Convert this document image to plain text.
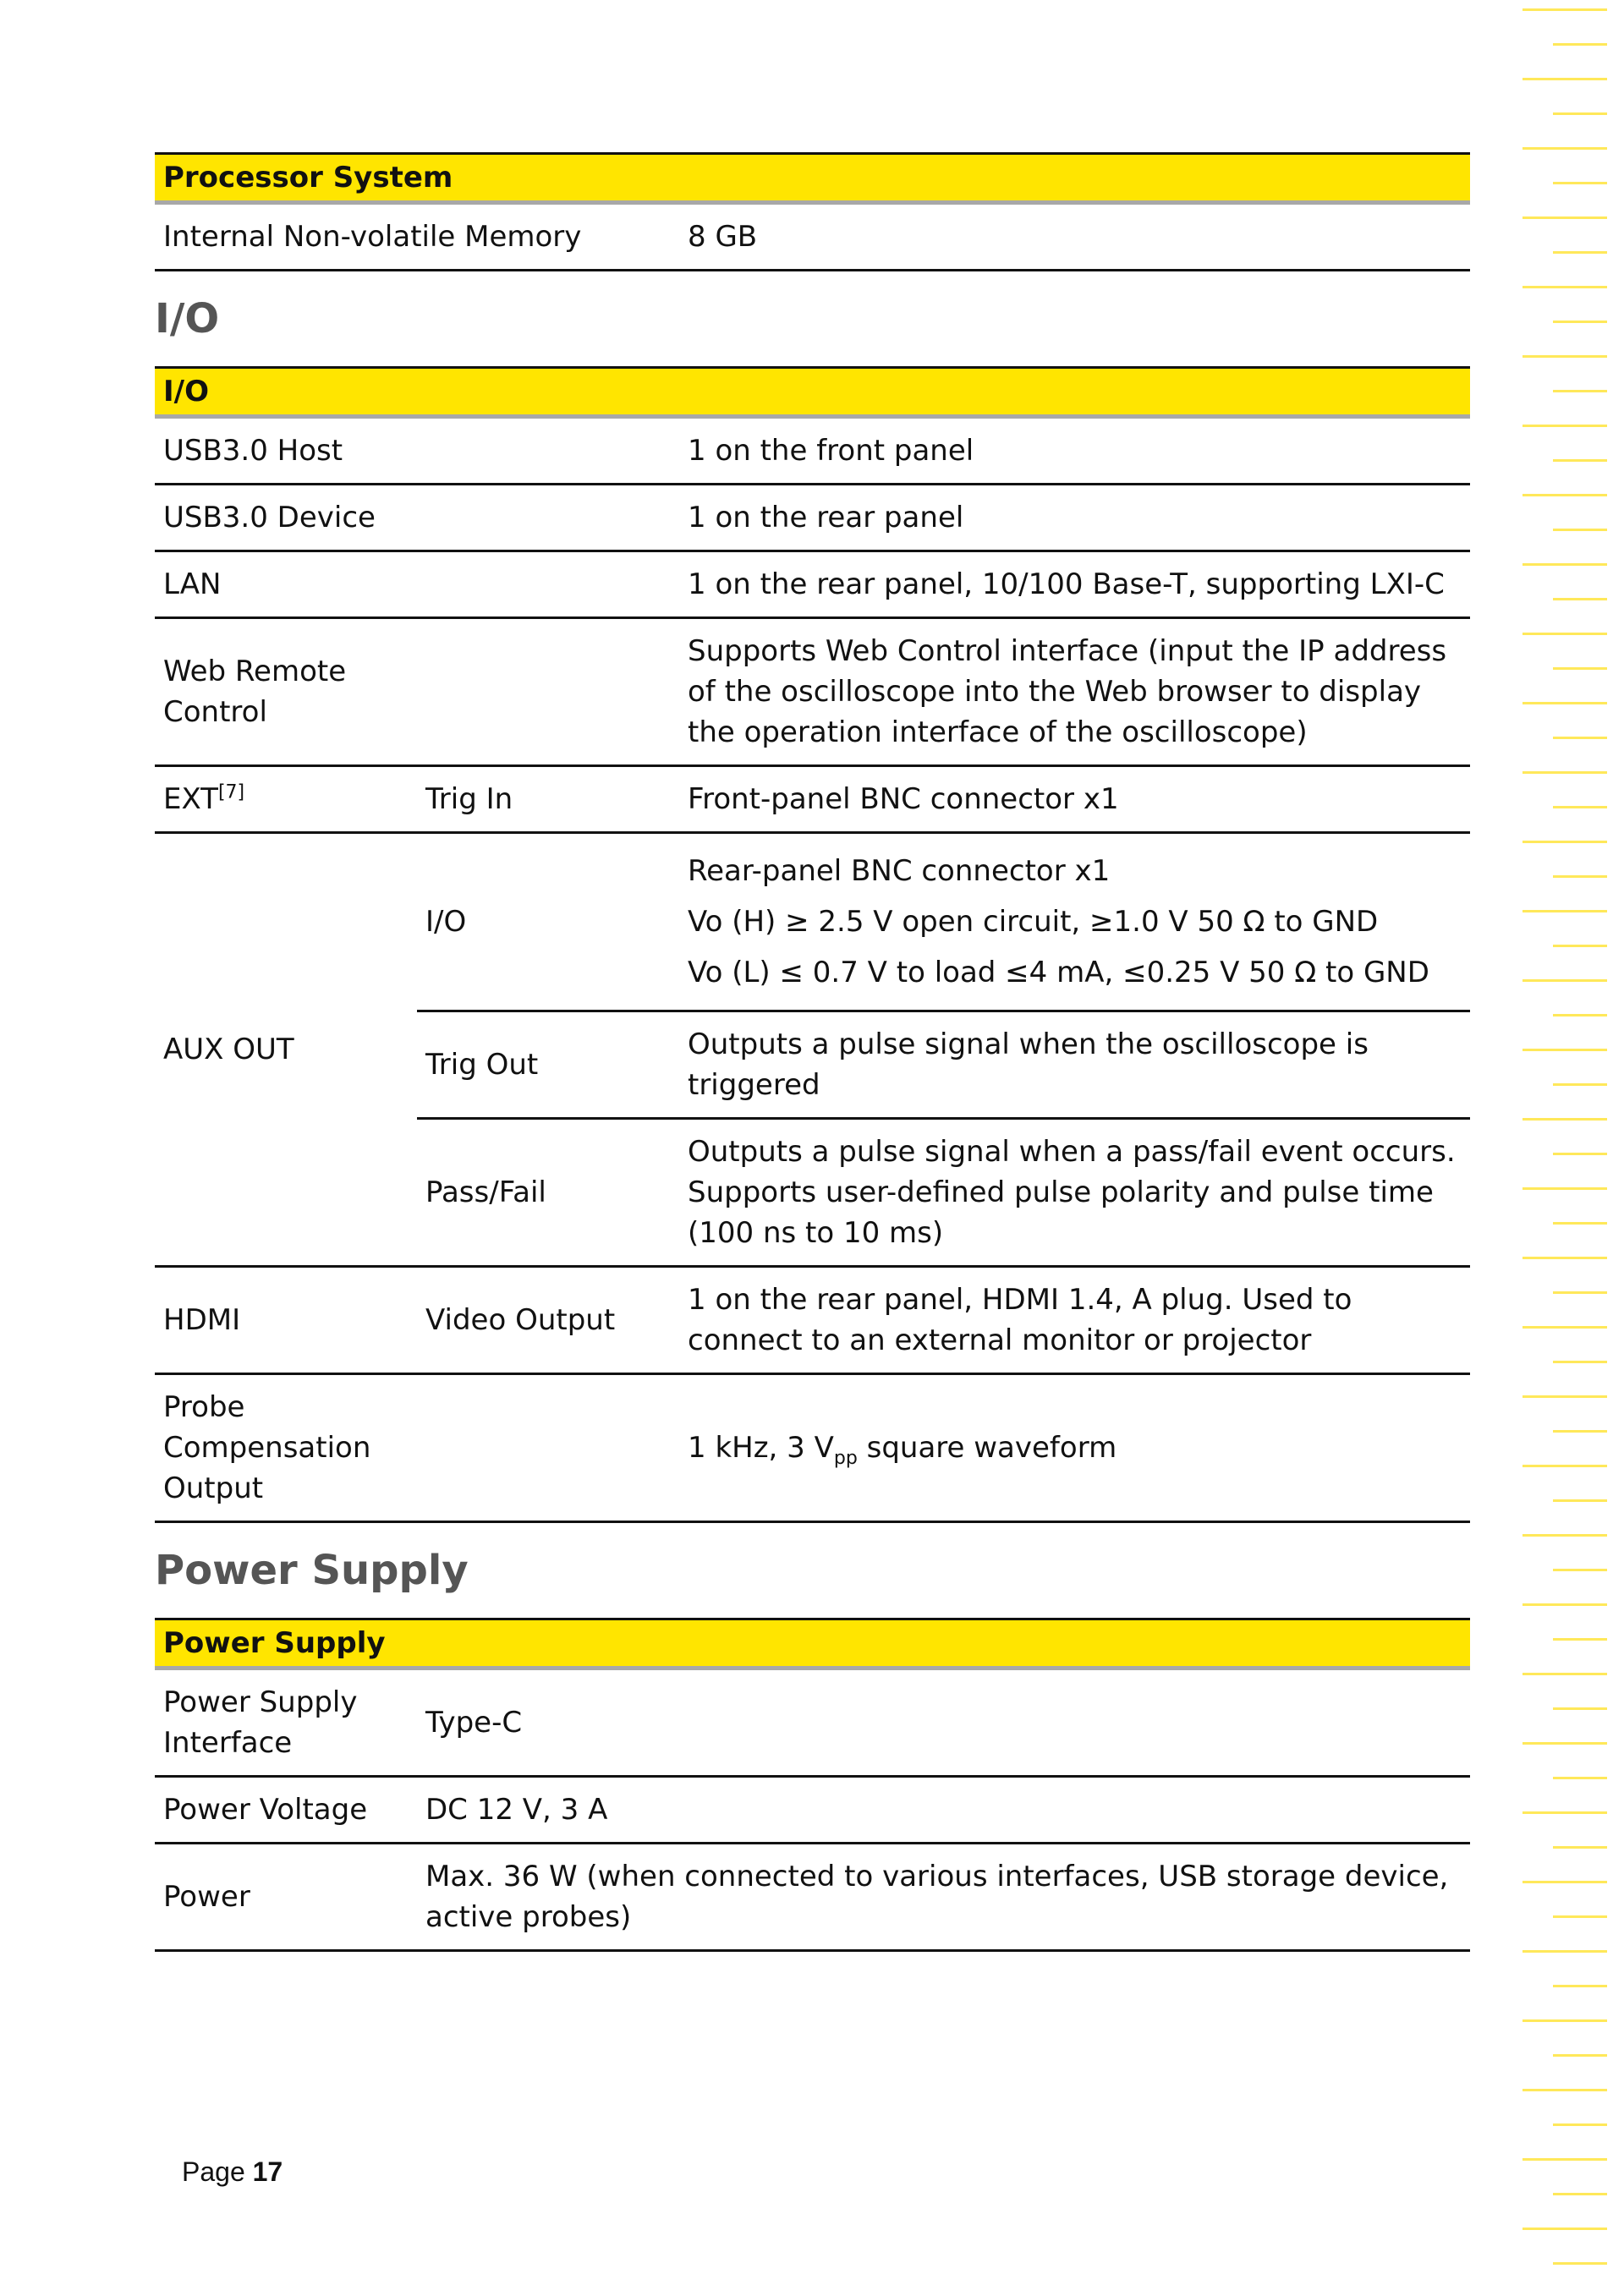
Processor System
Internal Non-volatile Memory	8 GB
I/O
I/O		
USB3.0 Host		1 on the front panel
USB3.0 Device		1 on the rear panel
LAN		1 on the rear panel, 10/100 Base-T, supporting LXI-C
Web Remote
Control		Supports Web Control interface (input the IP address of the oscilloscope into the Web browser to display the operation interface of the oscilloscope)
EXT[7]	Trig In	Front-panel BNC connector x1
AUX OUT	I/O	Rear-panel BNC connector x1
Vo (H) ≥ 2.5 V open circuit, ≥1.0 V 50 Ω to GND
Vo (L) ≤ 0.7 V to load ≤4 mA, ≤0.25 V 50 Ω to GND

	Trig Out	Outputs a pulse signal when the oscilloscope is triggered
	Pass/Fail	Outputs a pulse signal when a pass/fail event occurs. Supports user-defined pulse polarity and pulse time (100 ns to 10 ms)
HDMI	Video Output	1 on the rear panel, HDMI 1.4, A plug. Used to connect to an external monitor or projector
Probe
Compensation
Output		1 kHz, 3 $V_{pp}$ square waveform
Power Supply
Power Supply	
Power Supply
Interface	Type-C
Power Voltage	DC 12 V, 3 A
Power	Max. 36 W (when connected to various interfaces, USB storage device, active probes)
Page 17
